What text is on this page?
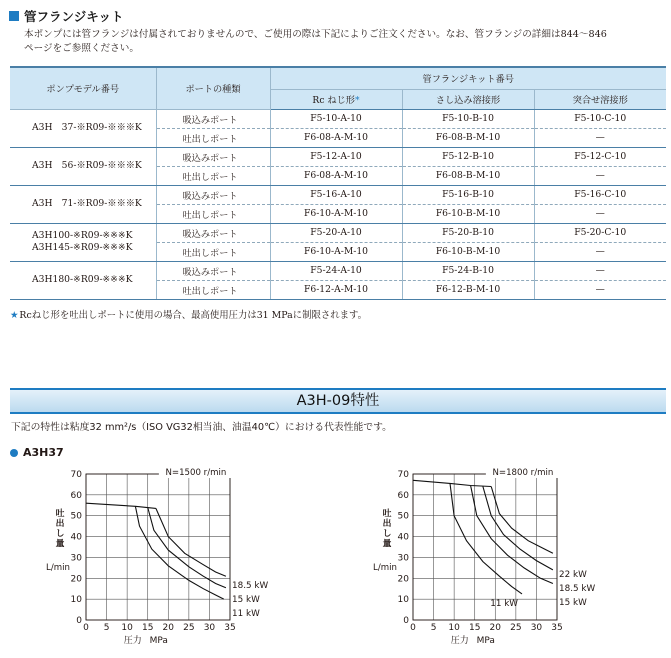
管フランジキット
本ポンプには管フランジは付属されておりませんので、ご使用の際は下記によりご注文ください。なお、管フランジの詳細は844〜846
ページをご参照ください。
ポンプモデル番号	ポートの種類	管フランジキット番号		
		Rc ねじ形*	さし込み溶接形	突合せ溶接形

A3H　37-※R09-※※※K	吸込みポート	F5-10-A-10	F5-10-B-10	F5-10-C-10
	吐出しポート	F6-08-A-M-10	F6-08-B-M-10	—

A3H　56-※R09-※※※K	吸込みポート	F5-12-A-10	F5-12-B-10	F5-12-C-10
	吐出しポート	F6-08-A-M-10	F6-08-B-M-10	—

A3H　71-※R09-※※※K	吸込みポート	F5-16-A-10	F5-16-B-10	F5-16-C-10
	吐出しポート	F6-10-A-M-10	F6-10-B-M-10	—

A3H100-※R09-※※※K
A3H145-※R09-※※※K	吸込みポート	F5-20-A-10	F5-20-B-10	F5-20-C-10
	吐出しポート	F6-10-A-M-10	F6-10-B-M-10	—

A3H180-※R09-※※※K	吸込みポート	F5-24-A-10	F5-24-B-10	—
	吐出しポート	F6-12-A-M-10	F6-12-B-M-10	—
★Rcねじ形を吐出しポートに使用の場合、最高使用圧力は31 MPaに制限されます。
A3H-09特性
下記の特性は粘度32 mm²/s（ISO VG32相当油、油温40℃）における代表性能です。
A3H37
0 5 10 15 20 25 30 35
0
10
20
30
40
50
60
70	N=1500 r/min
吐
出
し
量
L/min
圧力 MPa
11 kW
15 kW
18.5 kW
0 5 10 15 20 25 30 35
0
10
20
30
40
50
60
70	N=1800 r/min
吐
出
し
量
L/min
圧力 MPa
11 kW	15 kW
18.5 kW
22 kW
